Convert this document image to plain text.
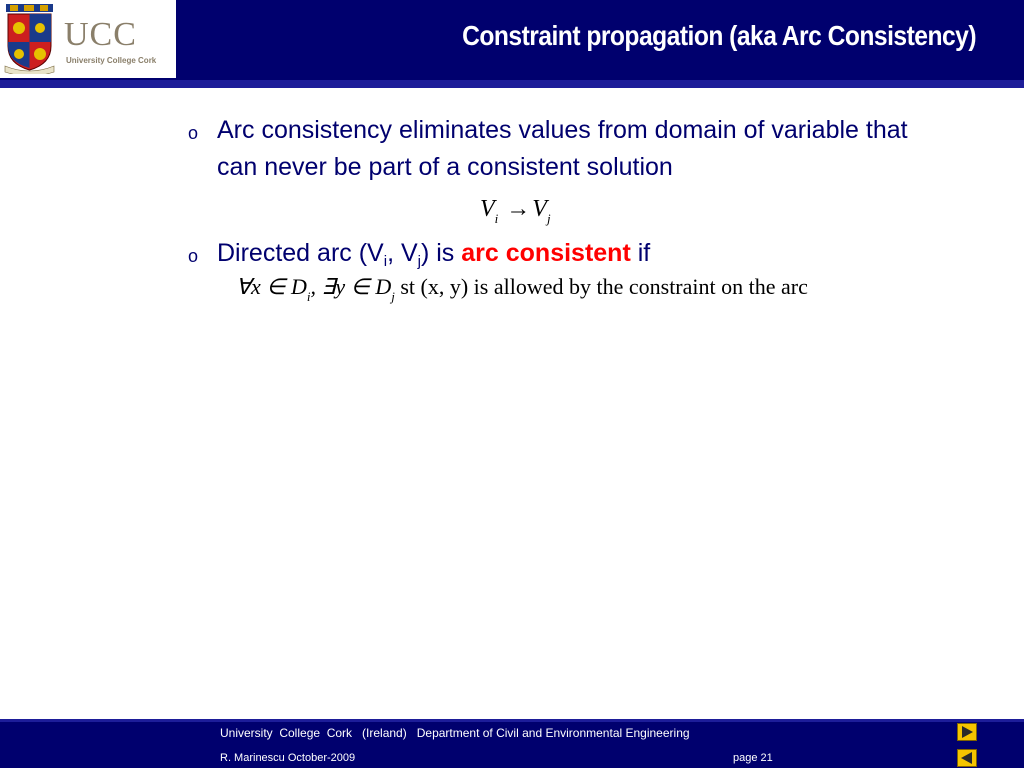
ucc
University College Cork
Constraint propagation (aka Arc Consistency)
o Arc consistency eliminates values from domain of variable that
can never be part of a consistent solution
$V_i \to V_j$
o Directed arc ($V_i$, $V_j$) is arc consistent if
∀x ∈ $D_i$, ∃y ∈ $D_j$ st (x, y) is allowed by the constraint on the arc
University  College  Cork   (Ireland)   Department of Civil and Environmental Engineering
R. Marinescu October-2009	page 21
